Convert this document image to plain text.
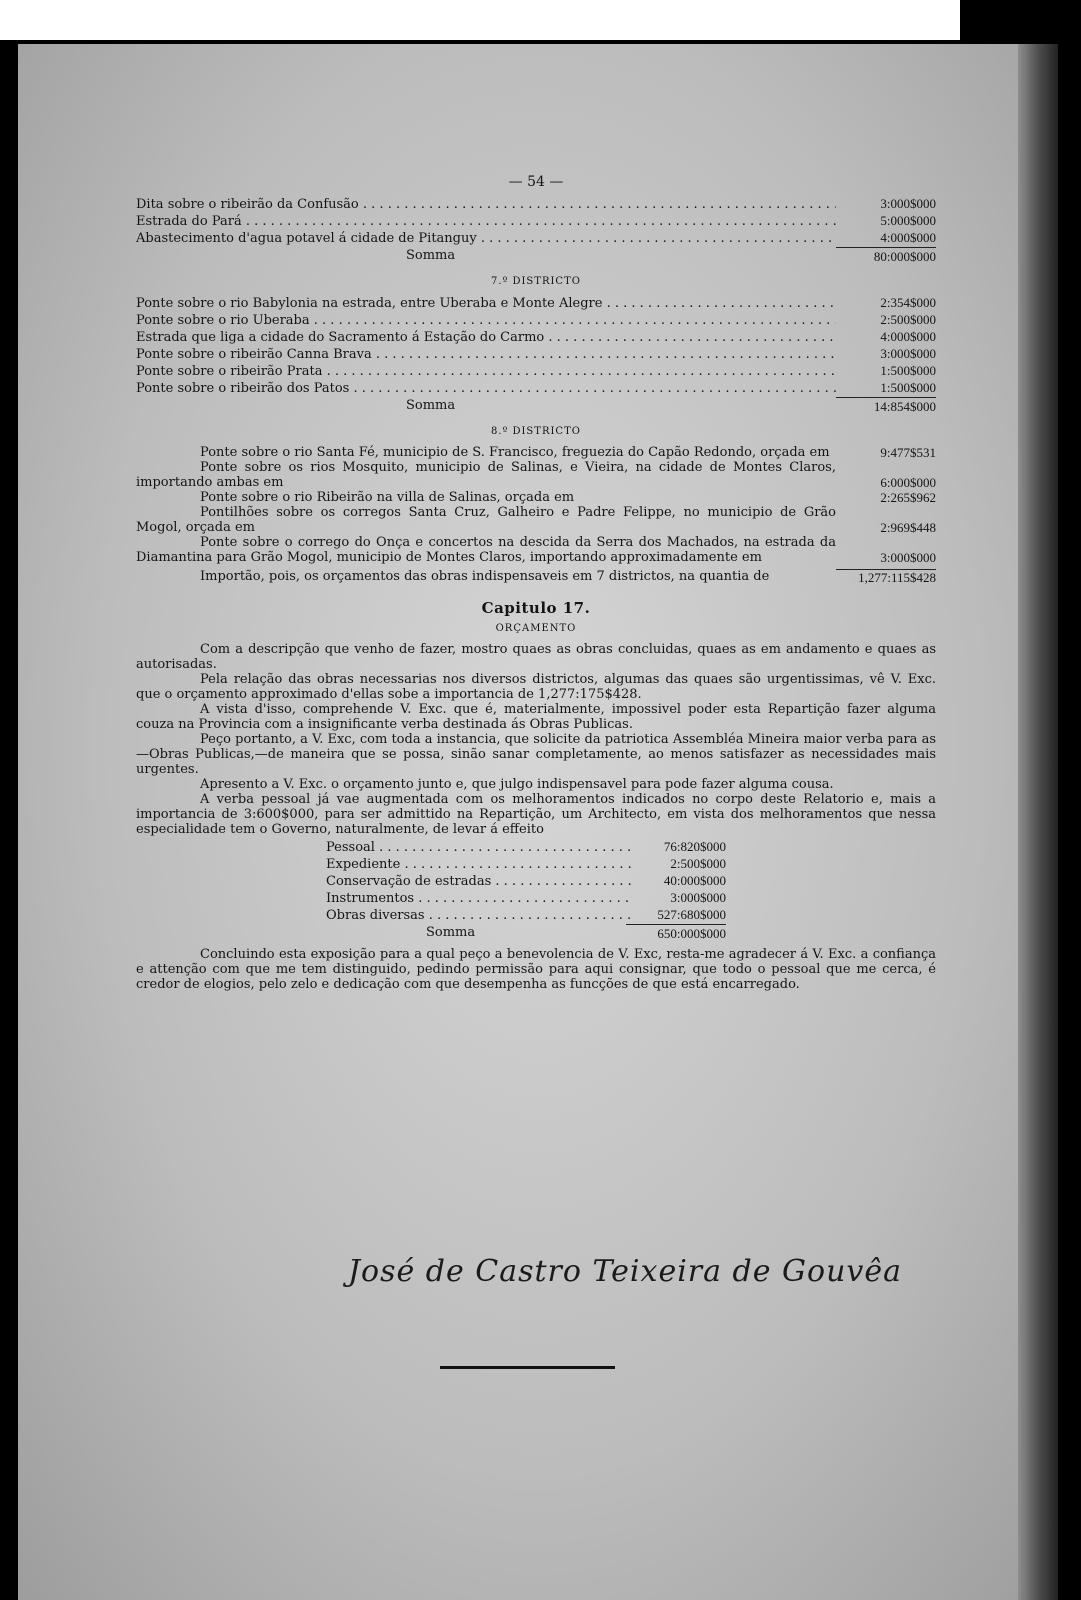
— 54 —
Dita sobre o ribeirão da Confusão . . .	3:000$000
Estrada do Pará . . .	5:000$000
Abastecimento d'agua potavel á cidade de Pitanguy . . .	4:000$000
Somma	80:000$000
7.º DISTRICTO
Ponte sobre o rio Babylonia na estrada, entre Uberaba e Monte Alegre . . .	2:354$000
Ponte sobre o rio Uberaba . . .	2:500$000
Estrada que liga a cidade do Sacramento á Estação do Carmo . . .	4:000$000
Ponte sobre o ribeirão Canna Brava . . .	3:000$000
Ponte sobre o ribeirão Prata . . .	1:500$000
Ponte sobre o ribeirão dos Patos . . .	1:500$000
Somma	14:854$000
8.º DISTRICTO
Ponte sobre o rio Santa Fé, municipio de S. Francisco, freguezia do Capão Redondo, orçada em	9:477$531
Ponte sobre os rios Mosquito, municipio de Salinas, e Vieira, na cidade de Montes Claros, importando ambas em	6:000$000
Ponte sobre o rio Ribeirão na villa de Salinas, orçada em	2:265$962
Pontilhões sobre os corregos Santa Cruz, Galheiro e Padre Felippe, no municipio de Grão Mogol, orçada em	2:969$448
Ponte sobre o corrego do Onça e concertos na descida da Serra dos Machados, na estrada da Diamantina para Grão Mogol, municipio de Montes Claros, importando approximadamente em	3:000$000
Importão, pois, os orçamentos das obras indispensaveis em 7 districtos, na quantia de	1,277:115$428
Capitulo 17.
ORÇAMENTO

Com a descripção que venho de fazer, mostro quaes as obras concluidas, quaes as em andamento e quaes as autorisadas.

Pela relação das obras necessarias nos diversos districtos, algumas das quaes são urgentissimas, vê V. Exc. que o orçamento approximado d'ellas sobe a importancia de 1,277:175$428.

A vista d'isso, comprehende V. Exc. que é, materialmente, impossivel poder esta Repartição fazer alguma couza na Provincia com a insignificante verba destinada ás Obras Publicas.

Peço portanto, a V. Exc, com toda a instancia, que solicite da patriotica Assembléa Mineira maior verba para as—Obras Publicas,—de maneira que se possa, sinão sanar completamente, ao menos satisfazer as necessidades mais urgentes.

Apresento a V. Exc. o orçamento junto e, que julgo indispensavel para pode fazer alguma cousa.

A verba pessoal já vae augmentada com os melhoramentos indicados no corpo deste Relatorio e, mais a importancia de 3:600$000, para ser admittido na Repartição, um Architecto, em vista dos melhoramentos que nessa especialidade tem o Governo, naturalmente, de levar á effeito

Pessoal . . .	76:820$000
Expediente . . .	2:500$000
Conservação de estradas . . .	40:000$000
Instrumentos . . .	3:000$000
Obras diversas . . .	527:680$000
Somma	650:000$000

Concluindo esta exposição para a qual peço a benevolencia de V. Exc, resta-me agradecer á V. Exc. a confiança e attenção com que me tem distinguido, pedindo permissão para aqui consignar, que todo o pessoal que me cerca, é credor de elogios, pelo zelo e dedicação com que desempenha as funcções de que está encarregado.

José de Castro Teixeira de Gouvêa
